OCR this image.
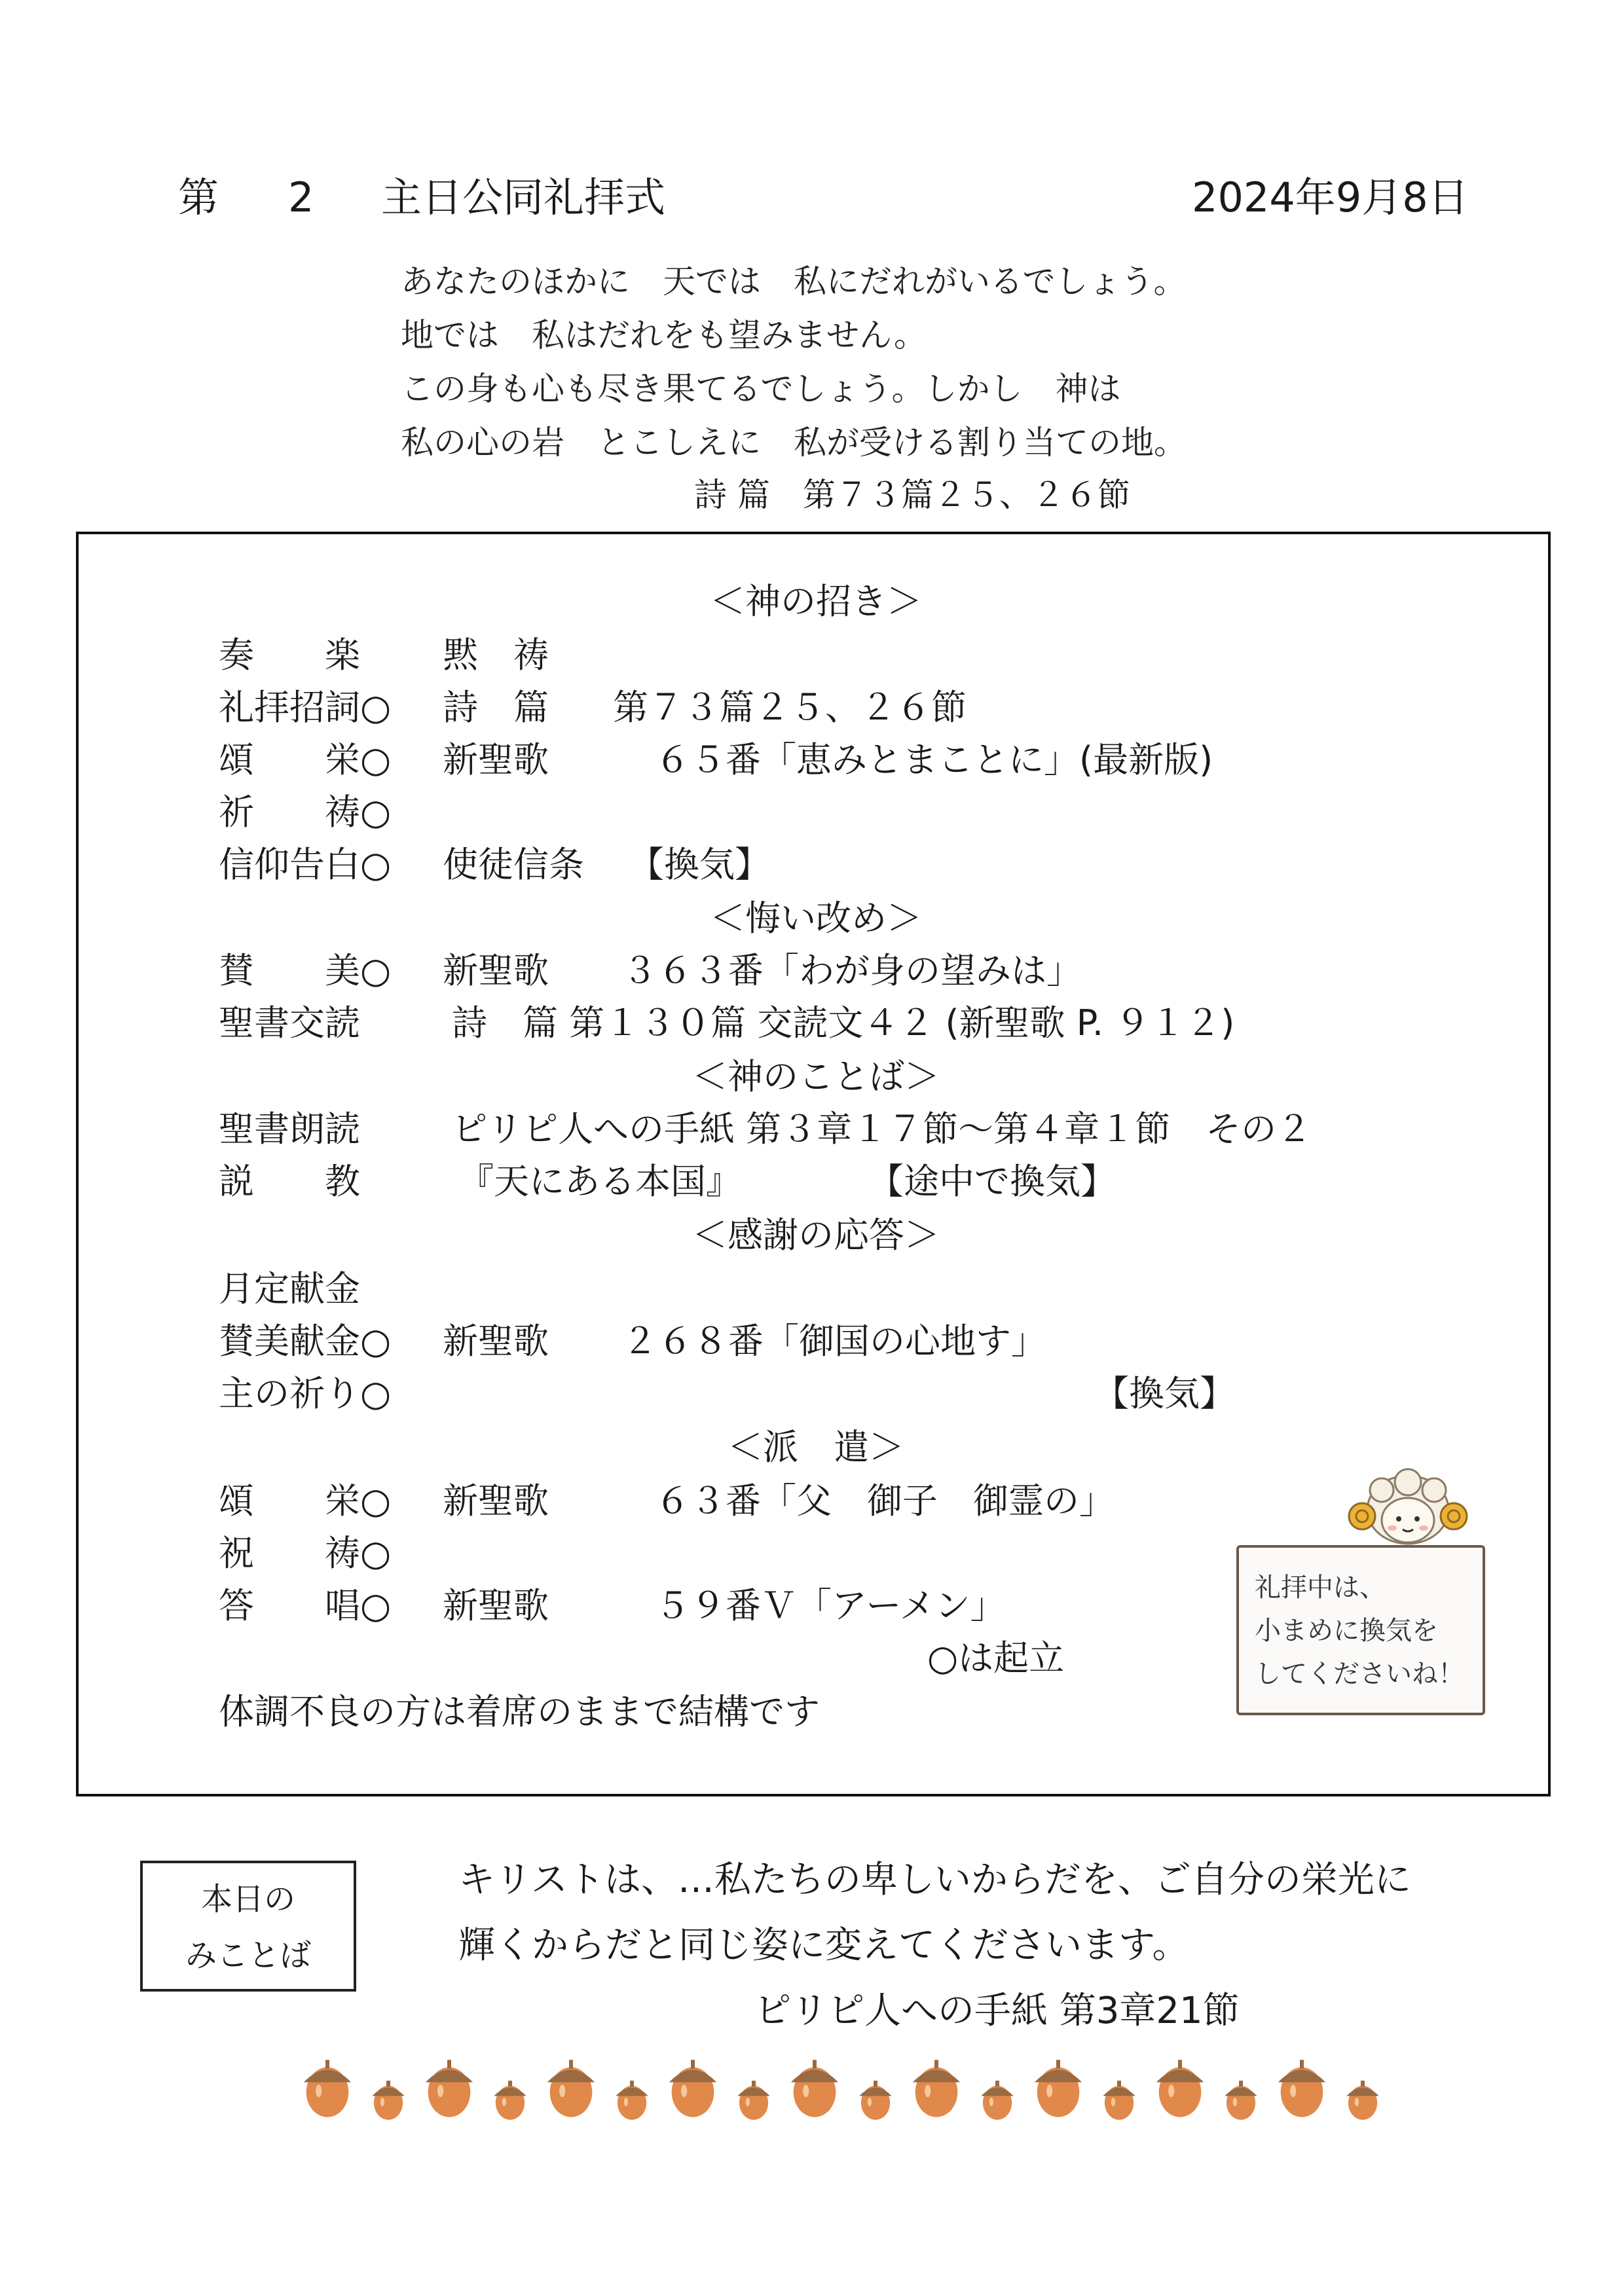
第 2 主日公同礼拝式	2024年9月8日
あなたのほかに　天では　私にだれがいるでしょう。
地では　私はだれをも望みません。
この身も心も尽き果てるでしょう。しかし　神は
私の心の岩　とこしえに　私が受ける割り当ての地。
詩 篇　第７３篇２５、２６節
＜神の招き＞
奏　　楽 黙　祷
礼拝招詞○ 詩　篇 第７３篇２５、２６節
頌　　栄○ 新聖歌	６５番「恵みとまことに」(最新版)
祈　　祷○
信仰告白○ 使徒信条 【換気】
＜悔い改め＞
賛　　美○ 新聖歌 ３６３番「わが身の望みは」
聖書交読	詩　篇 第１３０篇 交読文４２ (新聖歌 P. ９１２)
＜神のことば＞
聖書朗読	ピリピ人への手紙 第３章１７節～第４章１節　その２
説　　教	『天にある本国』	【途中で換気】
＜感謝の応答＞
月定献金
賛美献金○ 新聖歌 ２６８番「御国の心地す」
主の祈り○	【換気】
＜派　遣＞
頌　　栄○ 新聖歌	６３番「父　御子　御霊の」
祝　　祷○
答　　唱○ 新聖歌	５９番Ｖ「アーメン」
○は起立
体調不良の方は着席のままで結構です
礼拝中は、
小まめに換気を
してくださいね！
本日の
みことば
キリストは、…私たちの卑しいからだを、ご自分の栄光に
輝くからだと同じ姿に変えてくださいます。
ピリピ人への手紙 第3章21節
